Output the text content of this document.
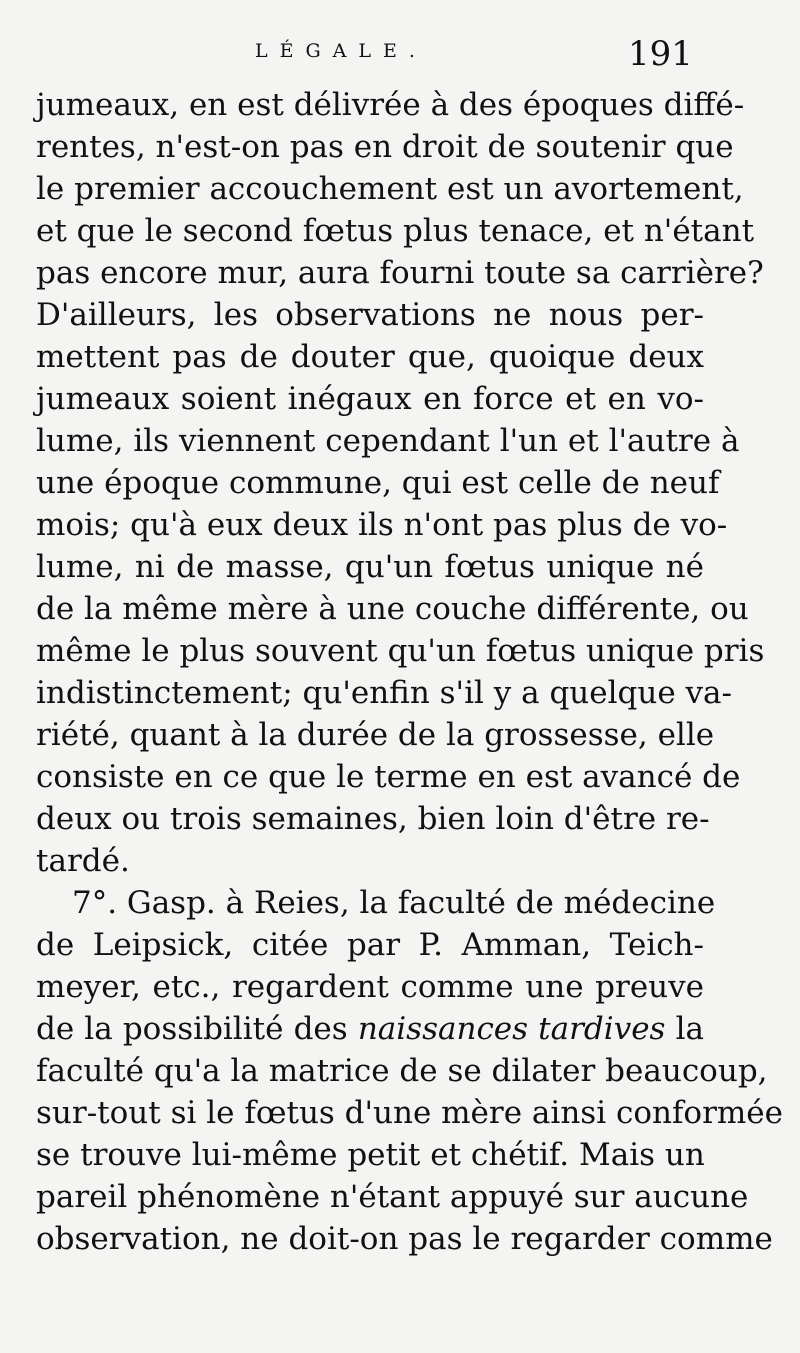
LÉGALE.	191
jumeaux, en est délivrée à des époques diffé-
rentes, n'est-on pas en droit de soutenir que
le premier accouchement est un avortement,
et que le second fœtus plus tenace, et n'étant
pas encore mur, aura fourni toute sa carrière?
D'ailleurs, les observations ne nous per-
mettent pas de douter que, quoique deux
jumeaux soient inégaux en force et en vo-
lume, ils viennent cependant l'un et l'autre à
une époque commune, qui est celle de neuf
mois; qu'à eux deux ils n'ont pas plus de vo-
lume, ni de masse, qu'un fœtus unique né
de la même mère à une couche différente, ou
même le plus souvent qu'un fœtus unique pris
indistinctement; qu'enfin s'il y a quelque va-
riété, quant à la durée de la grossesse, elle
consiste en ce que le terme en est avancé de
deux ou trois semaines, bien loin d'être re-
tardé.
7°. Gasp. à Reies, la faculté de médecine
de Leipsick, citée par P. Amman, Teich-
meyer, etc., regardent comme une preuve
de la possibilité des naissances tardives la
faculté qu'a la matrice de se dilater beaucoup,
sur-tout si le fœtus d'une mère ainsi conformée
se trouve lui-même petit et chétif. Mais un
pareil phénomène n'étant appuyé sur aucune
observation, ne doit-on pas le regarder comme
